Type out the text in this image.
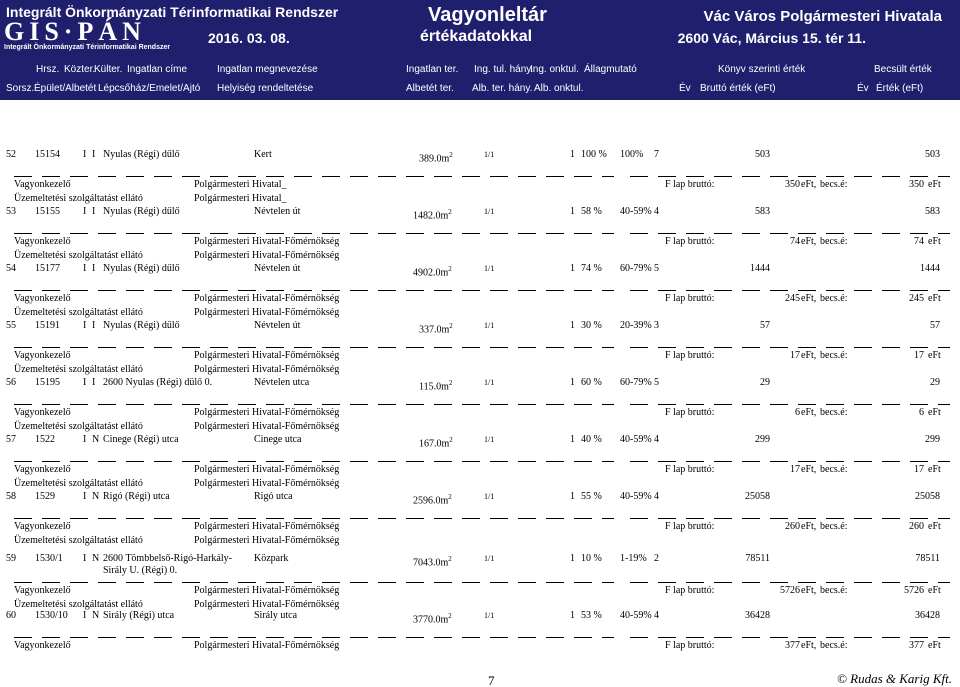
Integrált Önkormányzati Térinformatikai Rendszer
GIS·PÁN
Integrált Önkormányzati Térinformatikai Rendszer
2016. 03. 08.
Vagyonleltár
értékadatokkal
Vác Város Polgármesteri Hivatala
2600 Vác, Március 15. tér 11.
Hrsz. Közter.
Külter. Ingatlan címe	Ingatlan megnevezése	Ingatlan ter. Ing. tul. hány.
Ing. onktul. Állagmutató	Könyv szerinti érték	Becsült érték
Sorsz. Épület/Albetét Lépcsőház/Emelet/Ajtó Helyiség rendeltetése	Albetét ter. Alb. ter. hány. Alb. onktul.	Év Bruttó érték (eFt)	Év Érték (eFt)
52 15154 I I Nyulas (Régi) dűlő	Kert	$389.0m^2$	1/1	1 100 % 100% 7	503	503
Vagyonkezelő	Polgármesteri Hivatal_	F lap bruttó:	350 eFt, becs.é:	350 eFt
Üzemeltetési szolgáltatást ellátó	Polgármesteri Hivatal_
53 15155 I I Nyulas (Régi) dűlő	Névtelen út	$1482.0m^2$	1/1	1 58 % 40-59% 4	583	583
Vagyonkezelő	Polgármesteri Hivatal-Főmérnökség	F lap bruttó:	74 eFt, becs.é:	74 eFt
Üzemeltetési szolgáltatást ellátó	Polgármesteri Hivatal-Főmérnökség
54 15177 I I Nyulas (Régi) dűlő	Névtelen út	$4902.0m^2$	1/1	1 74 % 60-79% 5	1444	1444
Vagyonkezelő	Polgármesteri Hivatal-Főmérnökség	F lap bruttó:	245 eFt, becs.é:	245 eFt
Üzemeltetési szolgáltatást ellátó	Polgármesteri Hivatal-Főmérnökség
55 15191 I I Nyulas (Régi) dűlő	Névtelen út	$337.0m^2$	1/1	1 30 % 20-39% 3	57	57
Vagyonkezelő	Polgármesteri Hivatal-Főmérnökség	F lap bruttó:	17 eFt, becs.é:	17 eFt
Üzemeltetési szolgáltatást ellátó	Polgármesteri Hivatal-Főmérnökség
56 15195 I I 2600 Nyulas (Régi) dülő 0.	Névtelen utca	$115.0m^2$	1/1	1 60 % 60-79% 5	29	29
Vagyonkezelő	Polgármesteri Hivatal-Főmérnökség	F lap bruttó:	6 eFt, becs.é:	6 eFt
Üzemeltetési szolgáltatást ellátó	Polgármesteri Hivatal-Főmérnökség
57 1522	I N Cinege (Régi) utca	Cinege utca	$167.0m^2$	1/1	1 40 % 40-59% 4	299	299
Vagyonkezelő	Polgármesteri Hivatal-Főmérnökség	F lap bruttó:	17 eFt, becs.é:	17 eFt
Üzemeltetési szolgáltatást ellátó	Polgármesteri Hivatal-Főmérnökség
58 1529	I N Rigó (Régi) utca	Rigó utca	$2596.0m^2$	1/1	1 55 % 40-59% 4	25058	25058
Vagyonkezelő	Polgármesteri Hivatal-Főmérnökség	F lap bruttó:	260 eFt, becs.é:	260 eFt
Üzemeltetési szolgáltatást ellátó	Polgármesteri Hivatal-Főmérnökség
59 1530/1 I N 2600 Tömbbelső-Rigó-Harkály-Sirály U. (Régi) 0.
Közpark	$7043.0m^2$	1/1	1 10 % 1-19% 2	78511	78511
Vagyonkezelő	Polgármesteri Hivatal-Főmérnökség	F lap bruttó:	5726 eFt, becs.é:	5726 eFt
Üzemeltetési szolgáltatást ellátó	Polgármesteri Hivatal-Főmérnökség
60 1530/10 I N Sirály (Régi) utca	Sirály utca	$3770.0m^2$	1/1	1 53 % 40-59% 4	36428	36428
Vagyonkezelő	Polgármesteri Hivatal-Főmérnökség	F lap bruttó:	377 eFt, becs.é:	377 eFt
7	© Rudas & Karig Kft.
